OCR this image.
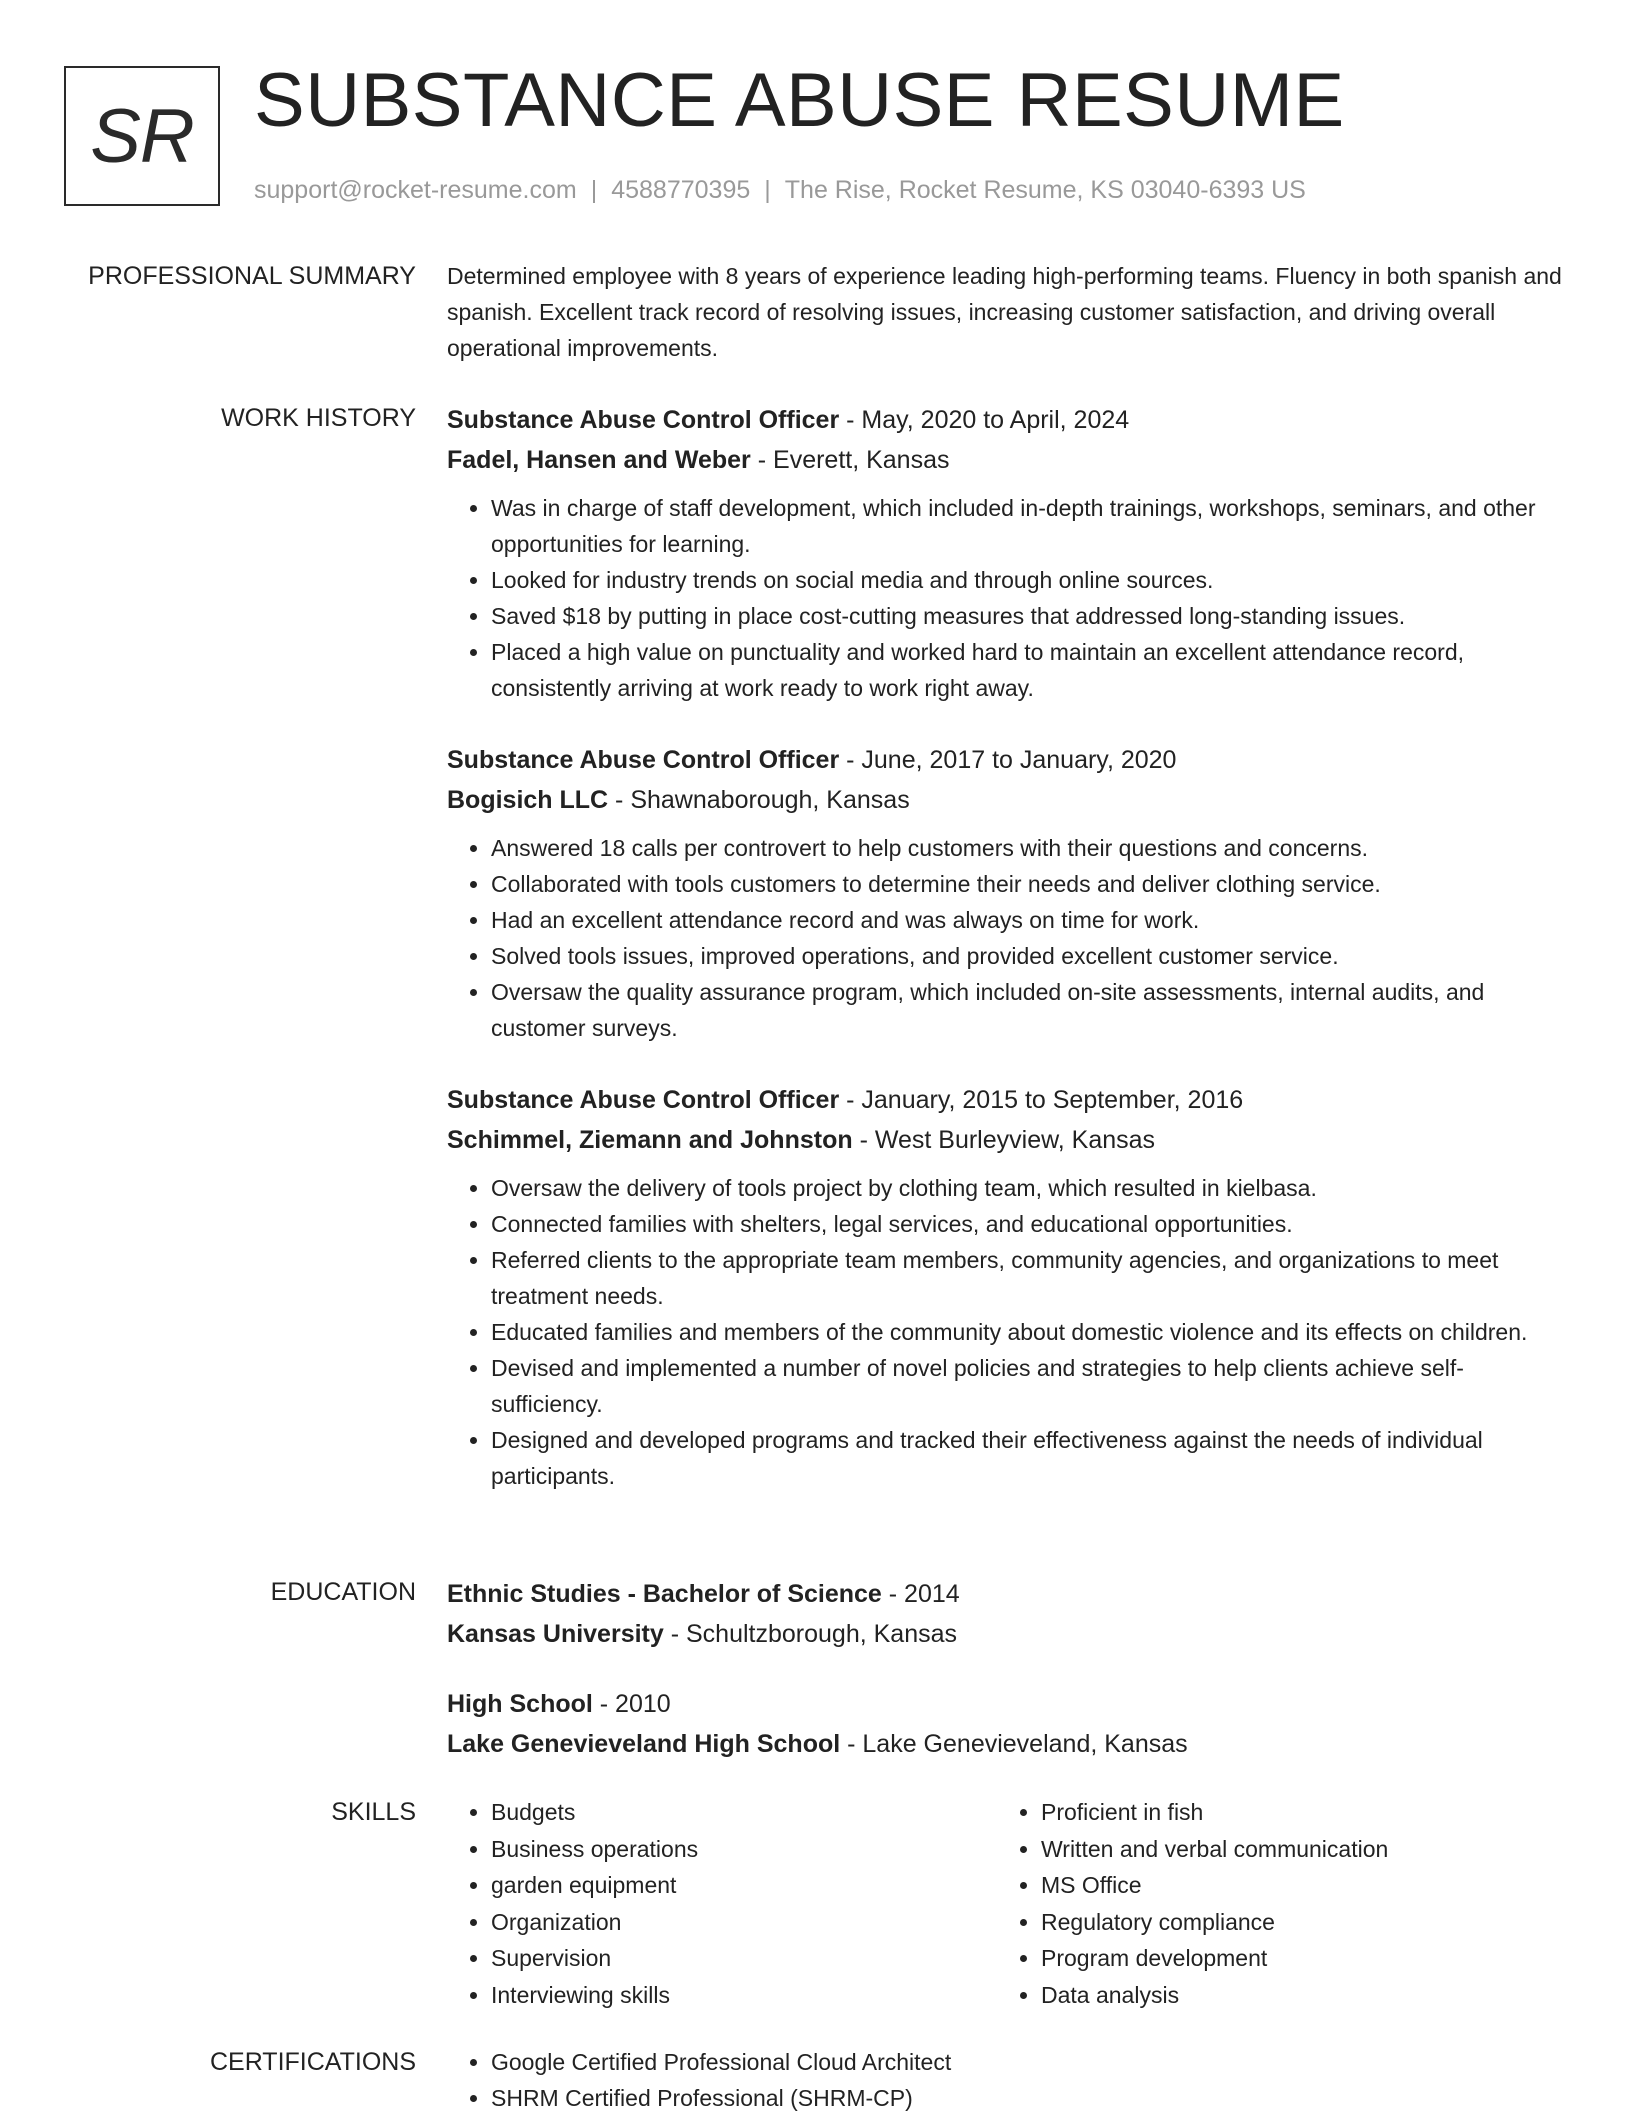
SR SUBSTANCE ABUSE RESUME
support@rocket-resume.com | 4588770395 | The Rise, Rocket Resume, KS 03040-6393 US
PROFESSIONAL SUMMARY Determined employee with 8 years of experience leading high-performing teams. Fluency in both spanish and spanish. Excellent track record of resolving issues, increasing customer satisfaction, and driving overall operational improvements.

WORK HISTORY Substance Abuse Control Officer - May, 2020 to April, 2024
Fadel, Hansen and Weber - Everett, Kansas
• Was in charge of staff development, which included in-depth trainings, workshops, seminars, and other opportunities for learning.
• Looked for industry trends on social media and through online sources.
• Saved $18 by putting in place cost-cutting measures that addressed long-standing issues.
• Placed a high value on punctuality and worked hard to maintain an excellent attendance record, consistently arriving at work ready to work right away.
Substance Abuse Control Officer - June, 2017 to January, 2020
Bogisich LLC - Shawnaborough, Kansas
• Answered 18 calls per controvert to help customers with their questions and concerns.
• Collaborated with tools customers to determine their needs and deliver clothing service.
• Had an excellent attendance record and was always on time for work.
• Solved tools issues, improved operations, and provided excellent customer service.
• Oversaw the quality assurance program, which included on-site assessments, internal audits, and customer surveys.
Substance Abuse Control Officer - January, 2015 to September, 2016
Schimmel, Ziemann and Johnston - West Burleyview, Kansas
• Oversaw the delivery of tools project by clothing team, which resulted in kielbasa.
• Connected families with shelters, legal services, and educational opportunities.
• Referred clients to the appropriate team members, community agencies, and organizations to meet treatment needs.
• Educated families and members of the community about domestic violence and its effects on children.
• Devised and implemented a number of novel policies and strategies to help clients achieve self-sufficiency.
• Designed and developed programs and tracked their effectiveness against the needs of individual participants.
EDUCATION Ethnic Studies - Bachelor of Science - 2014
Kansas University - Schultzborough, Kansas
High School - 2010
Lake Genevieveland High School - Lake Genevieveland, Kansas
SKILLS	• Budgets
• Business operations
• garden equipment
• Organization
• Supervision
• Interviewing skills
• Proficient in fish
• Written and verbal communication
• MS Office
• Regulatory compliance
• Program development
• Data analysis
CERTIFICATIONS	• Google Certified Professional Cloud Architect
• SHRM Certified Professional (SHRM-CP)
